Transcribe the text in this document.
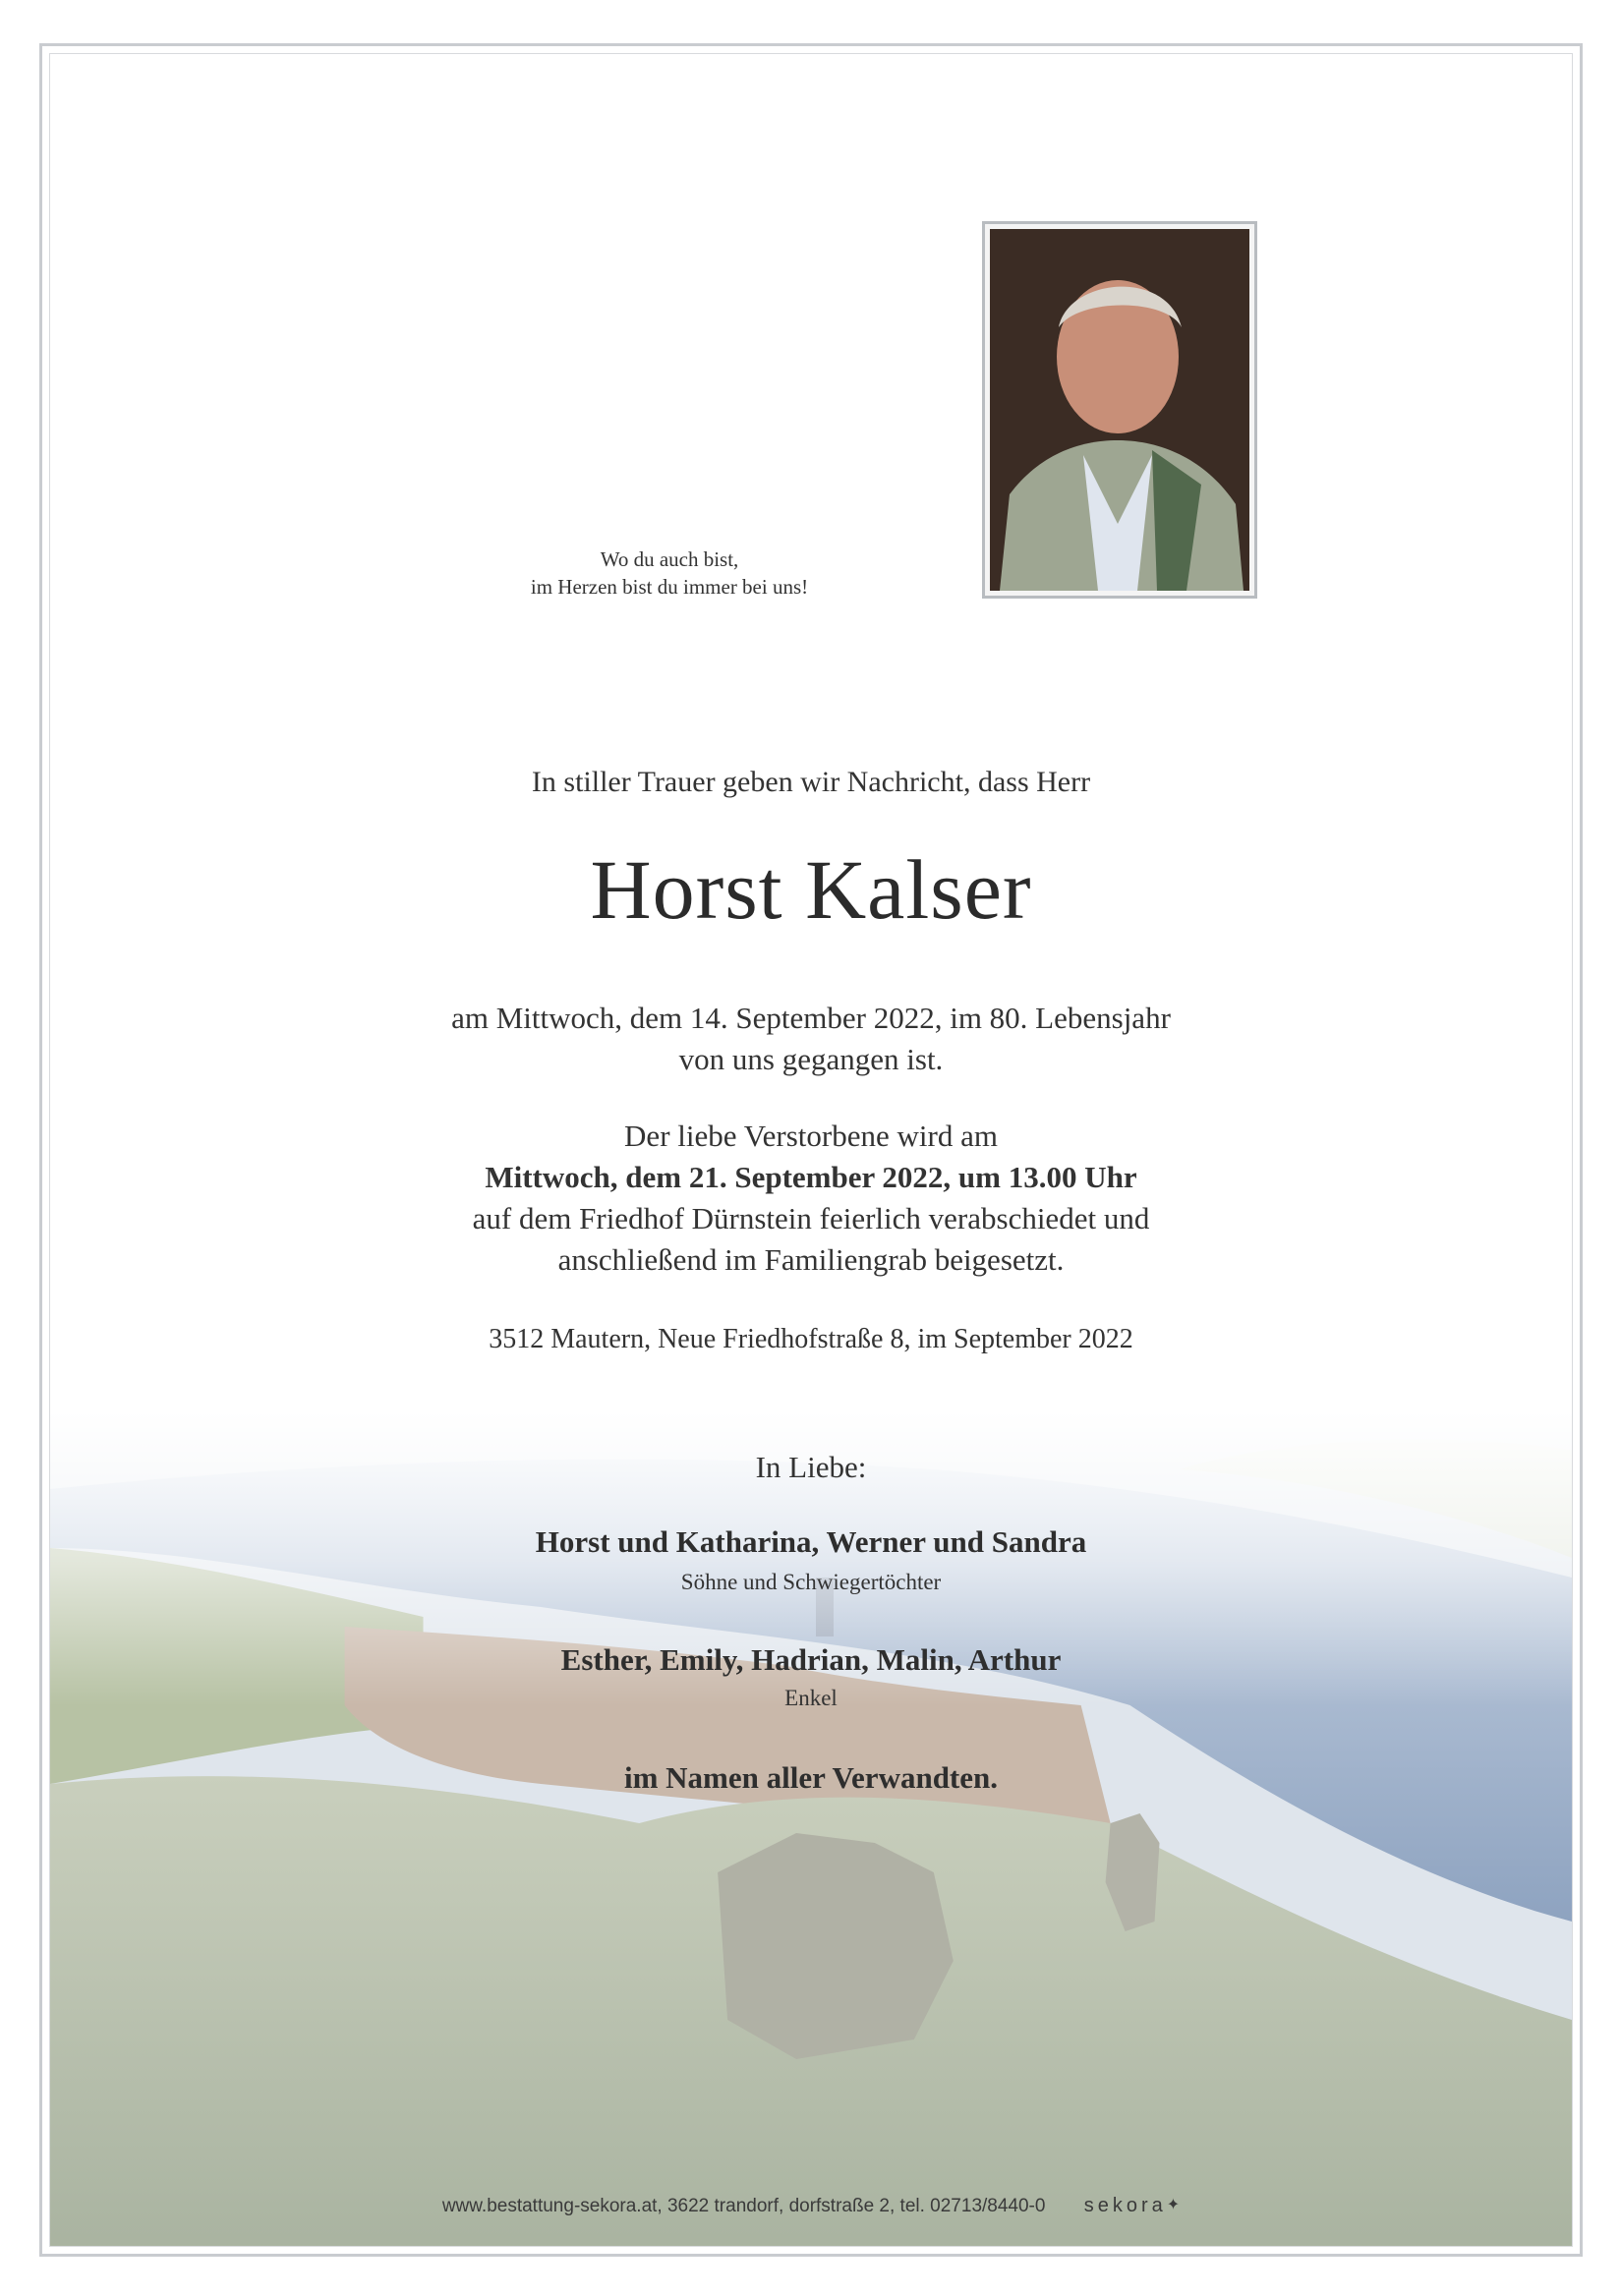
Wo du auch bist,
im Herzen bist du immer bei uns!
In stiller Trauer geben wir Nachricht, dass Herr
Horst Kalser
am Mittwoch, dem 14. September 2022, im 80. Lebensjahr
von uns gegangen ist.
Der liebe Verstorbene wird am
Mittwoch, dem 21. September 2022, um 13.00 Uhr
auf dem Friedhof Dürnstein feierlich verabschiedet und
anschließend im Familiengrab beigesetzt.
3512 Mautern, Neue Friedhofstraße 8, im September 2022
In Liebe:
Horst und Katharina, Werner und Sandra
Söhne und Schwiegertöchter
Esther, Emily, Hadrian, Malin, Arthur
Enkel
im Namen aller Verwandten.
www.bestattung-sekora.at, 3622 trandorf, dorfstraße 2, tel. 02713/8440-0 sekora✦
